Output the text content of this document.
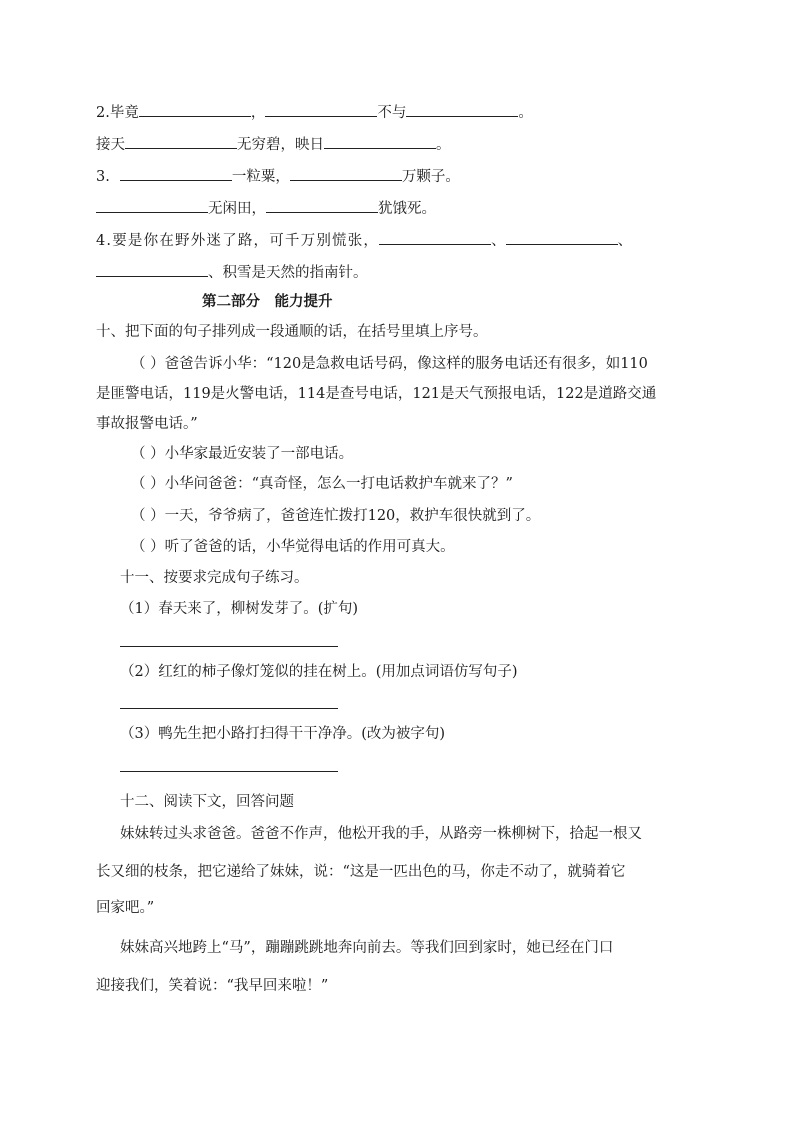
2.毕竟	，	不与	。
接天	无穷碧，映日	。
3.	一粒粟，	万颗子。
无闲田，	犹饿死。
4.要是你在野外迷了路，可千万别慌张，	、	、
、积雪是天然的指南针。
第二部分　能力提升
十、把下面的句子排列成一段通顺的话，在括号里填上序号。
（ ）爸爸告诉小华：“120是急救电话号码，像这样的服务电话还有很多，如110
是匪警电话，119是火警电话，114是查号电话，121是天气预报电话，122是道路交通
事故报警电话。”
（ ）小华家最近安装了一部电话。
（ ）小华问爸爸：“真奇怪，怎么一打电话救护车就来了？”
（ ）一天，爷爷病了，爸爸连忙拨打120，救护车很快就到了。
（ ）听了爸爸的话，小华觉得电话的作用可真大。
十一、按要求完成句子练习。
（1）春天来了，柳树发芽了。(扩句)
（2）红红的柿子像灯笼似的挂在树上。(用加点词语仿写句子)
（3）鸭先生把小路打扫得干干净净。(改为被字句)
十二、阅读下文，回答问题
妹妹转过头求爸爸。爸爸不作声，他松开我的手，从路旁一株柳树下，拾起一根又
长又细的枝条，把它递给了妹妹，说：“这是一匹出色的马，你走不动了，就骑着它
回家吧。”
妹妹高兴地跨上“马”，蹦蹦跳跳地奔向前去。等我们回到家时，她已经在门口
迎接我们，笑着说：“我早回来啦！”
